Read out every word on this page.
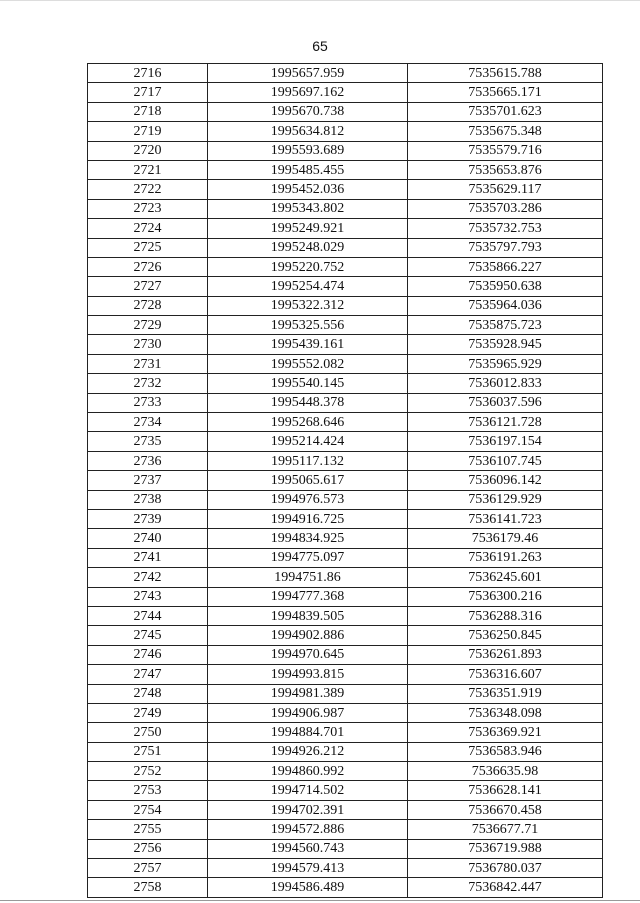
65
2716	1995657.959	7535615.788
2717	1995697.162	7535665.171
2718	1995670.738	7535701.623
2719	1995634.812	7535675.348
2720	1995593.689	7535579.716
2721	1995485.455	7535653.876
2722	1995452.036	7535629.117
2723	1995343.802	7535703.286
2724	1995249.921	7535732.753
2725	1995248.029	7535797.793
2726	1995220.752	7535866.227
2727	1995254.474	7535950.638
2728	1995322.312	7535964.036
2729	1995325.556	7535875.723
2730	1995439.161	7535928.945
2731	1995552.082	7535965.929
2732	1995540.145	7536012.833
2733	1995448.378	7536037.596
2734	1995268.646	7536121.728
2735	1995214.424	7536197.154
2736	1995117.132	7536107.745
2737	1995065.617	7536096.142
2738	1994976.573	7536129.929
2739	1994916.725	7536141.723
2740	1994834.925	7536179.46
2741	1994775.097	7536191.263
2742	1994751.86	7536245.601
2743	1994777.368	7536300.216
2744	1994839.505	7536288.316
2745	1994902.886	7536250.845
2746	1994970.645	7536261.893
2747	1994993.815	7536316.607
2748	1994981.389	7536351.919
2749	1994906.987	7536348.098
2750	1994884.701	7536369.921
2751	1994926.212	7536583.946
2752	1994860.992	7536635.98
2753	1994714.502	7536628.141
2754	1994702.391	7536670.458
2755	1994572.886	7536677.71
2756	1994560.743	7536719.988
2757	1994579.413	7536780.037
2758	1994586.489	7536842.447
